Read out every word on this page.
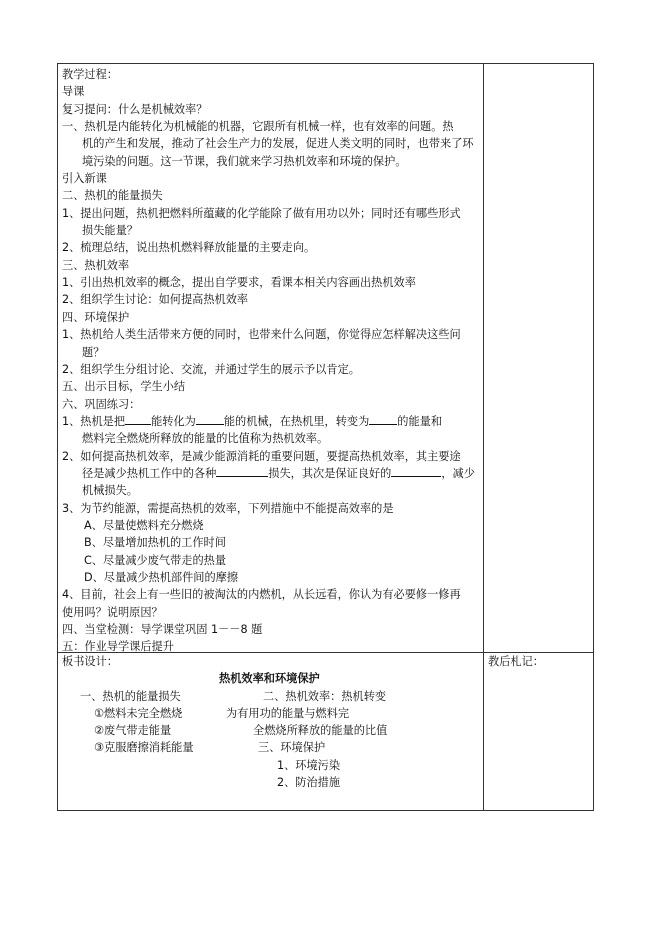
教学过程：
导课
复习提问：什么是机械效率？
一、热机是内能转化为机械能的机器，它跟所有机械一样，也有效率的问题。热
机的产生和发展，推动了社会生产力的发展，促进人类文明的同时，也带来了环
境污染的问题。这一节课，我们就来学习热机效率和环境的保护。
引入新课
二、热机的能量损失
1、提出问题，热机把燃料所蕴藏的化学能除了做有用功以外；同时还有哪些形式
损失能量？
2、梳理总结，说出热机燃料释放能量的主要走向。
三、热机效率
1、引出热机效率的概念，提出自学要求，看课本相关内容画出热机效率
2、组织学生讨论：如何提高热机效率
四、环境保护
1、热机给人类生活带来方便的同时，也带来什么问题，你觉得应怎样解决这些问
题？
2、组织学生分组讨论、交流，并通过学生的展示予以肯定。
五、出示目标，学生小结
六、巩固练习：
1、热机是把 能转化为	能的机械，在热机里，转变为	的能量和
燃料完全燃烧所释放的能量的比值称为热机效率。
2、如何提高热机效率，是减少能源消耗的重要问题，要提高热机效率，其主要途
径是减少热机工作中的各种	损失，其次是保证良好的	，减少
机械损失。
3、为节约能源，需提高热机的效率，下列措施中不能提高效率的是
A、尽量使燃料充分燃烧
B、尽量增加热机的工作时间
C、尽量减少废气带走的热量
D、尽量减少热机部件间的摩擦
4、目前，社会上有一些旧的被淘汰的内燃机，从长远看，你认为有必要修一修再
使用吗？说明原因？
四、当堂检测：导学课堂巩固 1－－8 题
五：作业导学课后提升
板书设计：
热机效率和环境保护
一、热机的能量损失	二、热机效率：热机转变
①燃料未完全燃烧	为有用功的能量与燃料完
②废气带走能量	全燃烧所释放的能量的比值
③克服磨擦消耗能量	三、环境保护
1、环境污染
2、防治措施
教后札记：
